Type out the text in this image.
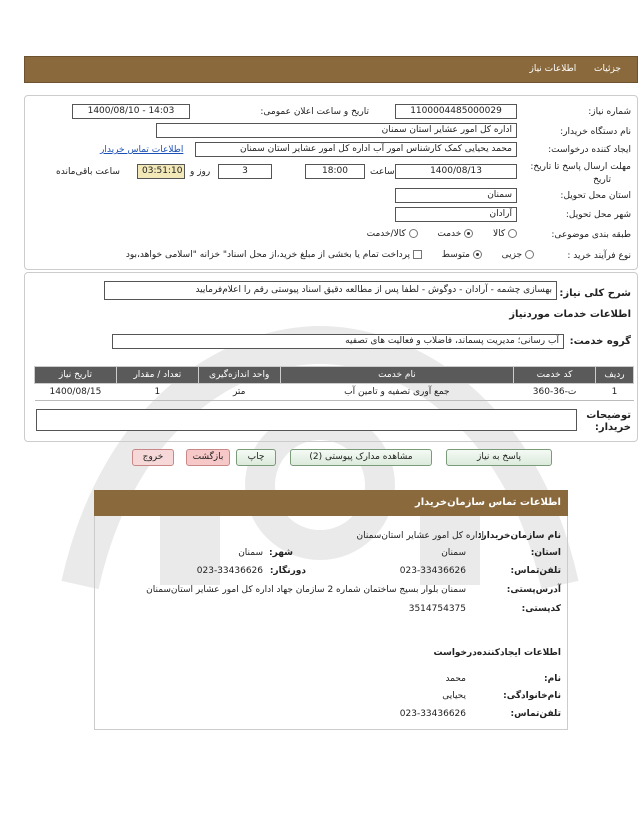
جزئیات  اطلاعات نیاز
شماره نیاز:
1100004485000029
تاریخ و ساعت اعلان عمومی:
1400/08/10 - 14:03
نام دستگاه خریدار:
اداره کل امور عشایر استان سمنان
ایجاد کننده درخواست:
محمد یحیایی کمک کارشناس امور آب اداره کل امور عشایر استان سمنان
اطلاعات تماس خریدار
مهلت ارسال پاسخ تا تاریخ:
تاریخ
1400/08/13
ساعت
18:00
3
روز و
03:51:10
ساعت باقی‌مانده
استان محل تحویل:
سمنان
شهر محل تحویل:
آرادان
طبقه بندی موضوعی:
کالا   خدمت   کالا/خدمت
نوع فرآیند خرید :
جزیی   متوسط   پرداخت تمام یا بخشی از مبلغ خرید،از محل اسناد" خزانه "اسلامی خواهد،بود
شرح کلی نیاز:
بهسازی چشمه - آرادان - دوگوش - لطفا پس از مطالعه دقیق اسناد پیوستی رقم را اعلام‌فرمایید
اطلاعات خدمات موردنیاز
گروه خدمت:
آب رسانی؛ مدیریت پسماند، فاضلاب و فعالیت های تصفیه
تاریخ نیاز	تعداد / مقدار	واحد اندازه‌گیری	نام خدمت	کد خدمت	ردیف
1400/08/15	1	متر	جمع آوری تصفیه و تامین آب	ت-36-360	1
توضیحات خریدار:
پاسخ به نیاز
مشاهده مدارک پیوستی (2)
چاپ
بازگشت
خروج
اطلاعات تماس سازمان‌خریدار
نام سازمان‌خریدار:
اداره کل امور عشایر استان‌سمنان
استان:
سمنان
شهر:
سمنان
تلفن‌تماس:
023-33436626
دورنگار:
023-33436626
آدرس‌پستی:
سمنان بلوار بسیج ساختمان شماره 2 سازمان جهاد اداره کل امور عشایر استان‌سمنان
کدپستی:
3514754375
اطلاعات ایجادکننده‌درخواست
نام:
محمد
نام‌خانوادگی:
یحیایی
تلفن‌تماس:
023-33436626
